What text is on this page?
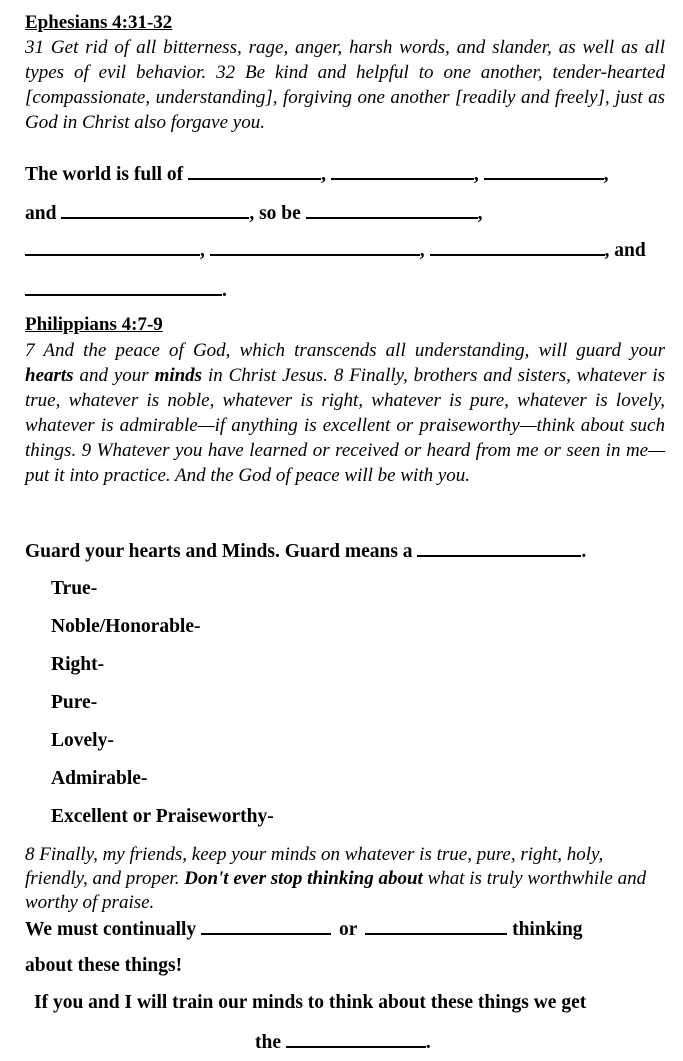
Ephesians 4:31-32
31 Get rid of all bitterness, rage, anger, harsh words, and slander, as well as all types of evil behavior. 32 Be kind and helpful to one another, tender-hearted [compassionate, understanding], forgiving one another [readily and freely], just as God in Christ also forgave you.
The world is full of	,	,	,
and	, so be	,
,	,	, and
.
Philippians 4:7-9
7 And the peace of God, which transcends all understanding, will guard your hearts and your minds in Christ Jesus. 8 Finally, brothers and sisters, whatever is true, whatever is noble, whatever is right, whatever is pure, whatever is lovely, whatever is admirable—if anything is excellent or praiseworthy—think about such things. 9 Whatever you have learned or received or heard from me or seen in me—put it into practice. And the God of peace will be with you.
Guard your hearts and Minds. Guard means a	.
True-
Noble/Honorable-
Right-
Pure-
Lovely-
Admirable-
Excellent or Praiseworthy-
8 Finally, my friends, keep your minds on whatever is true, pure, right, holy, friendly, and proper. Don't ever stop thinking about what is truly worthwhile and worthy of praise.
We must continually	or	thinking
about these things!
If you and I will train our minds to think about these things we get
the	.
